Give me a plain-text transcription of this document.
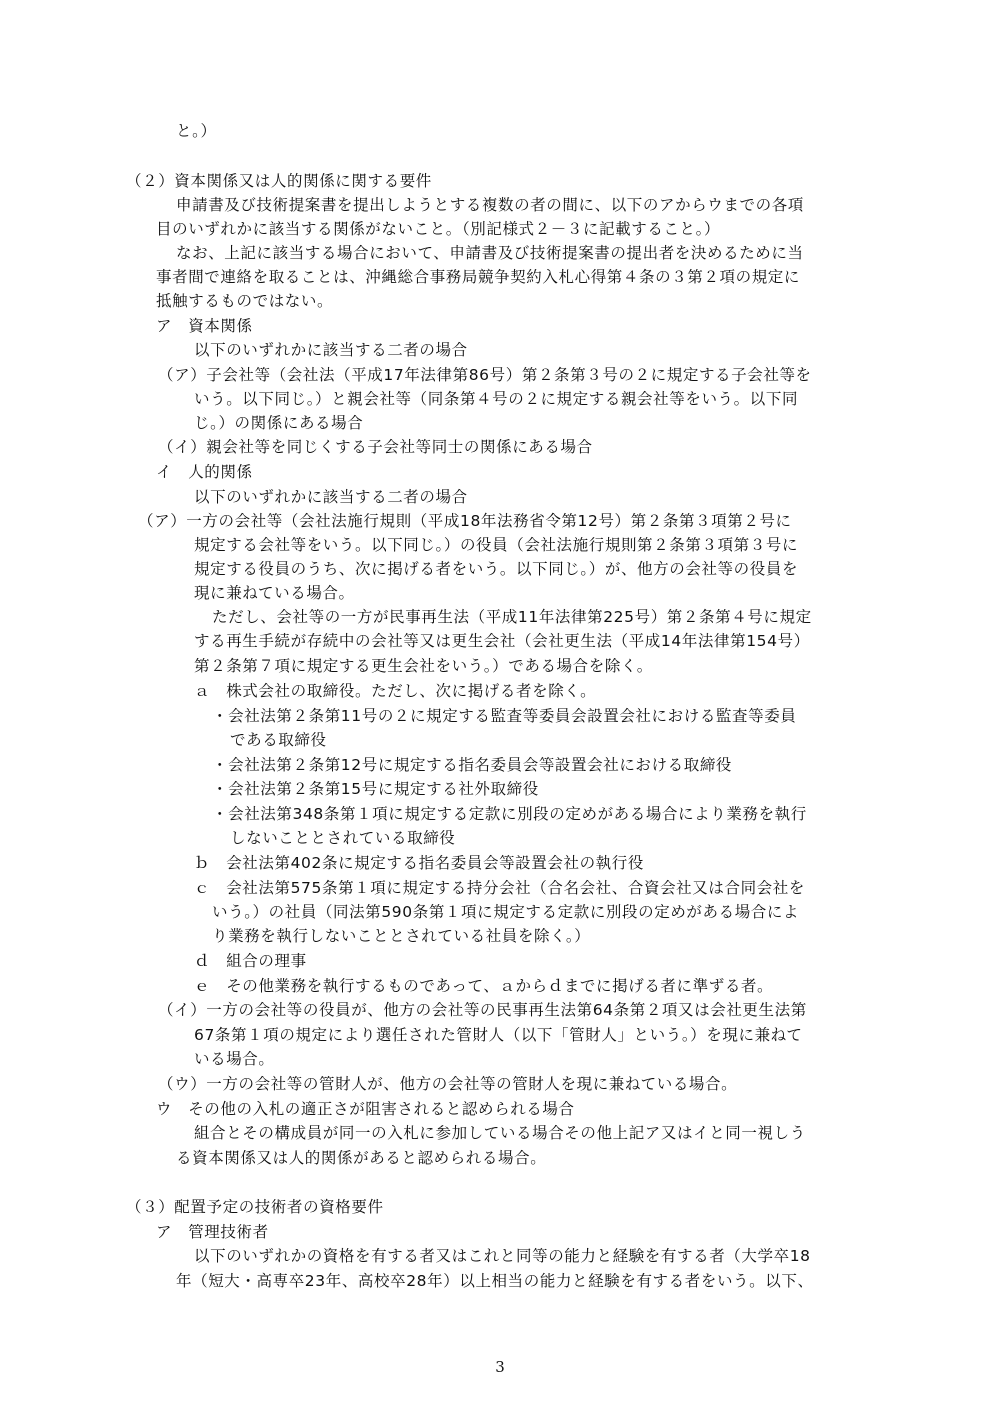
と。）
（２）資本関係又は人的関係に関する要件
申請書及び技術提案書を提出しようとする複数の者の間に、以下のアからウまでの各項
目のいずれかに該当する関係がないこと。（別記様式２－３に記載すること。）
なお、上記に該当する場合において、申請書及び技術提案書の提出者を決めるために当
事者間で連絡を取ることは、沖縄総合事務局競争契約入札心得第４条の３第２項の規定に
抵触するものではない。
ア　資本関係
以下のいずれかに該当する二者の場合
（ア）子会社等（会社法（平成17年法律第86号）第２条第３号の２に規定する子会社等を
いう。以下同じ。）と親会社等（同条第４号の２に規定する親会社等をいう。以下同
じ。）の関係にある場合
（イ）親会社等を同じくする子会社等同士の関係にある場合
イ　人的関係
以下のいずれかに該当する二者の場合
（ア）一方の会社等（会社法施行規則（平成18年法務省令第12号）第２条第３項第２号に
規定する会社等をいう。以下同じ。）の役員（会社法施行規則第２条第３項第３号に
規定する役員のうち、次に掲げる者をいう。以下同じ。）が、他方の会社等の役員を
現に兼ねている場合。
ただし、会社等の一方が民事再生法（平成11年法律第225号）第２条第４号に規定
する再生手続が存続中の会社等又は更生会社（会社更生法（平成14年法律第154号）
第２条第７項に規定する更生会社をいう。）である場合を除く。
ａ　株式会社の取締役。ただし、次に掲げる者を除く。
・会社法第２条第11号の２に規定する監査等委員会設置会社における監査等委員
である取締役
・会社法第２条第12号に規定する指名委員会等設置会社における取締役
・会社法第２条第15号に規定する社外取締役
・会社法第348条第１項に規定する定款に別段の定めがある場合により業務を執行
しないこととされている取締役
ｂ　会社法第402条に規定する指名委員会等設置会社の執行役
ｃ　会社法第575条第１項に規定する持分会社（合名会社、合資会社又は合同会社を
いう。）の社員（同法第590条第１項に規定する定款に別段の定めがある場合によ
り業務を執行しないこととされている社員を除く。）
ｄ　組合の理事
ｅ　その他業務を執行するものであって、ａからｄまでに掲げる者に準ずる者。
（イ）一方の会社等の役員が、他方の会社等の民事再生法第64条第２項又は会社更生法第
67条第１項の規定により選任された管財人（以下「管財人」という。）を現に兼ねて
いる場合。
（ウ）一方の会社等の管財人が、他方の会社等の管財人を現に兼ねている場合。
ウ　その他の入札の適正さが阻害されると認められる場合
組合とその構成員が同一の入札に参加している場合その他上記ア又はイと同一視しう
る資本関係又は人的関係があると認められる場合。
（３）配置予定の技術者の資格要件
ア　管理技術者
以下のいずれかの資格を有する者又はこれと同等の能力と経験を有する者（大学卒18
年（短大・高専卒23年、高校卒28年）以上相当の能力と経験を有する者をいう。以下、
3
